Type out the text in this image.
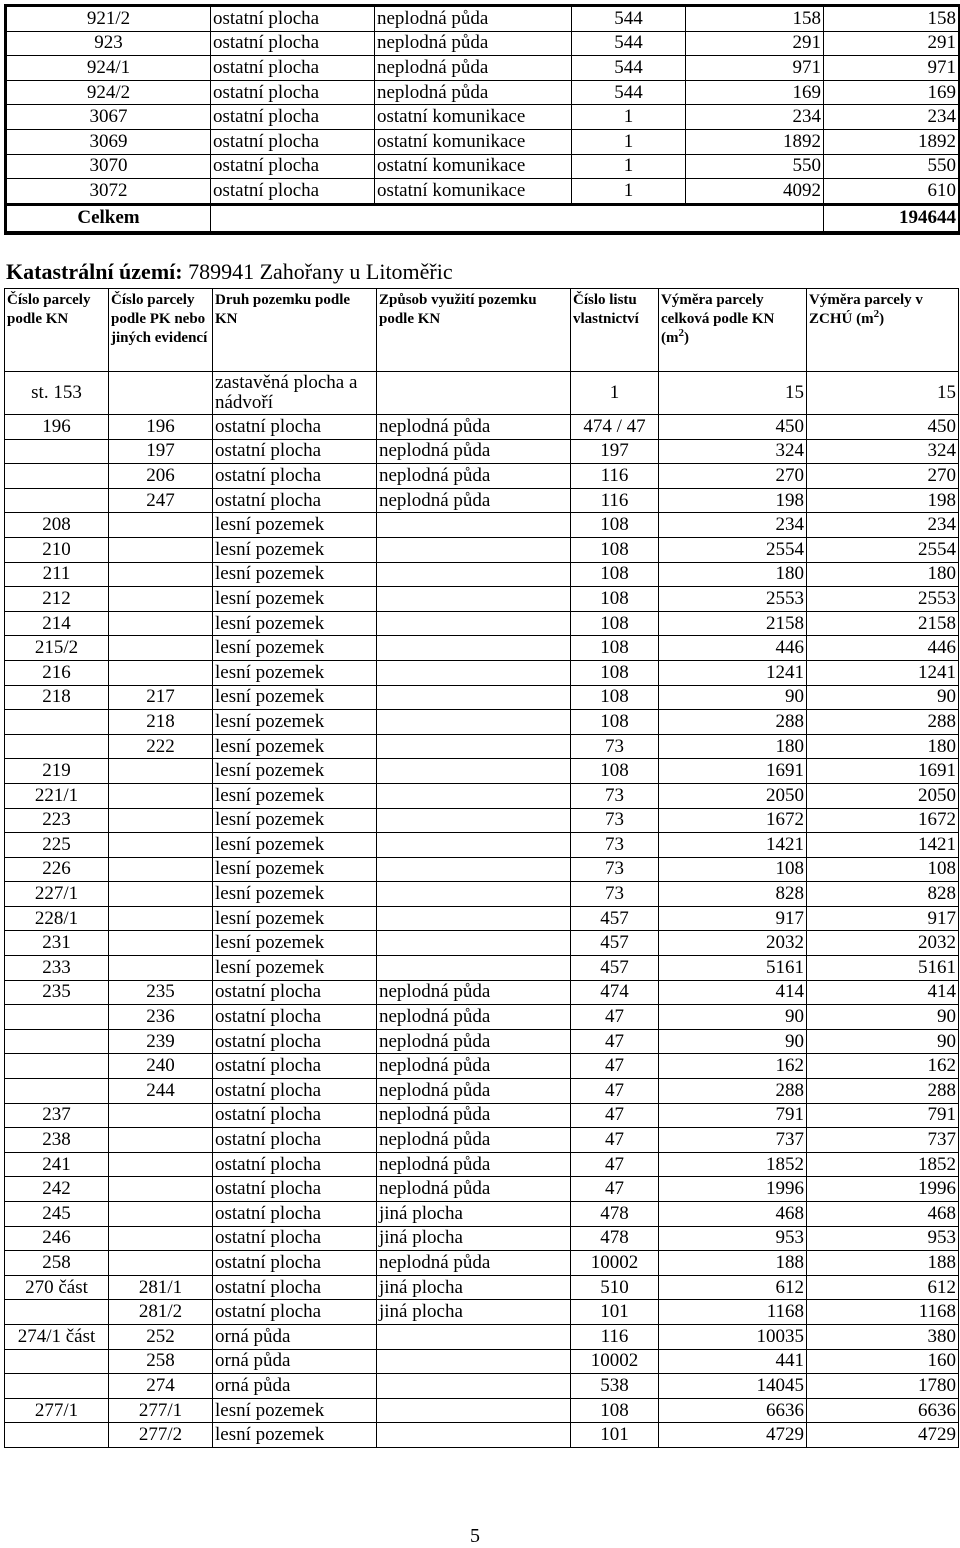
921/2	ostatní plocha	neplodná půda	544	158	158
923	ostatní plocha	neplodná půda	544	291	291
924/1	ostatní plocha	neplodná půda	544	971	971
924/2	ostatní plocha	neplodná půda	544	169	169
3067	ostatní plocha	ostatní komunikace	1	234	234
3069	ostatní plocha	ostatní komunikace	1	1892	1892
3070	ostatní plocha	ostatní komunikace	1	550	550
3072	ostatní plocha	ostatní komunikace	1	4092	610
Celkem					194644
Katastrální území: 789941 Zahořany u Litoměřic
Číslo parcely podle KN	Číslo parcely podle PK nebo jiných evidencí	Druh pozemku podle KN	Způsob využití pozemku podle KN	Číslo listu vlastnictví	Výměra parcely celková podle KN $(m^2)$	Výměra parcely v ZCHÚ $(m^2)$
st. 153		zastavěná plocha a nádvoří		1	15	15
196	196	ostatní plocha	neplodná půda	474 / 47	450	450
	197	ostatní plocha	neplodná půda	197	324	324
	206	ostatní plocha	neplodná půda	116	270	270
	247	ostatní plocha	neplodná půda	116	198	198
208		lesní pozemek		108	234	234
210		lesní pozemek		108	2554	2554
211		lesní pozemek		108	180	180
212		lesní pozemek		108	2553	2553
214		lesní pozemek		108	2158	2158
215/2		lesní pozemek		108	446	446
216		lesní pozemek		108	1241	1241
218	217	lesní pozemek		108	90	90
	218	lesní pozemek		108	288	288
	222	lesní pozemek		73	180	180
219		lesní pozemek		108	1691	1691
221/1		lesní pozemek		73	2050	2050
223		lesní pozemek		73	1672	1672
225		lesní pozemek		73	1421	1421
226		lesní pozemek		73	108	108
227/1		lesní pozemek		73	828	828
228/1		lesní pozemek		457	917	917
231		lesní pozemek		457	2032	2032
233		lesní pozemek		457	5161	5161
235	235	ostatní plocha	neplodná půda	474	414	414
	236	ostatní plocha	neplodná půda	47	90	90
	239	ostatní plocha	neplodná půda	47	90	90
	240	ostatní plocha	neplodná půda	47	162	162
	244	ostatní plocha	neplodná půda	47	288	288
237		ostatní plocha	neplodná půda	47	791	791
238		ostatní plocha	neplodná půda	47	737	737
241		ostatní plocha	neplodná půda	47	1852	1852
242		ostatní plocha	neplodná půda	47	1996	1996
245		ostatní plocha	jiná plocha	478	468	468
246		ostatní plocha	jiná plocha	478	953	953
258		ostatní plocha	neplodná půda	10002	188	188
270 část	281/1	ostatní plocha	jiná plocha	510	612	612
	281/2	ostatní plocha	jiná plocha	101	1168	1168
274/1 část	252	orná půda		116	10035	380
	258	orná půda		10002	441	160
	274	orná půda		538	14045	1780
277/1	277/1	lesní pozemek		108	6636	6636
	277/2	lesní pozemek		101	4729	4729
5
